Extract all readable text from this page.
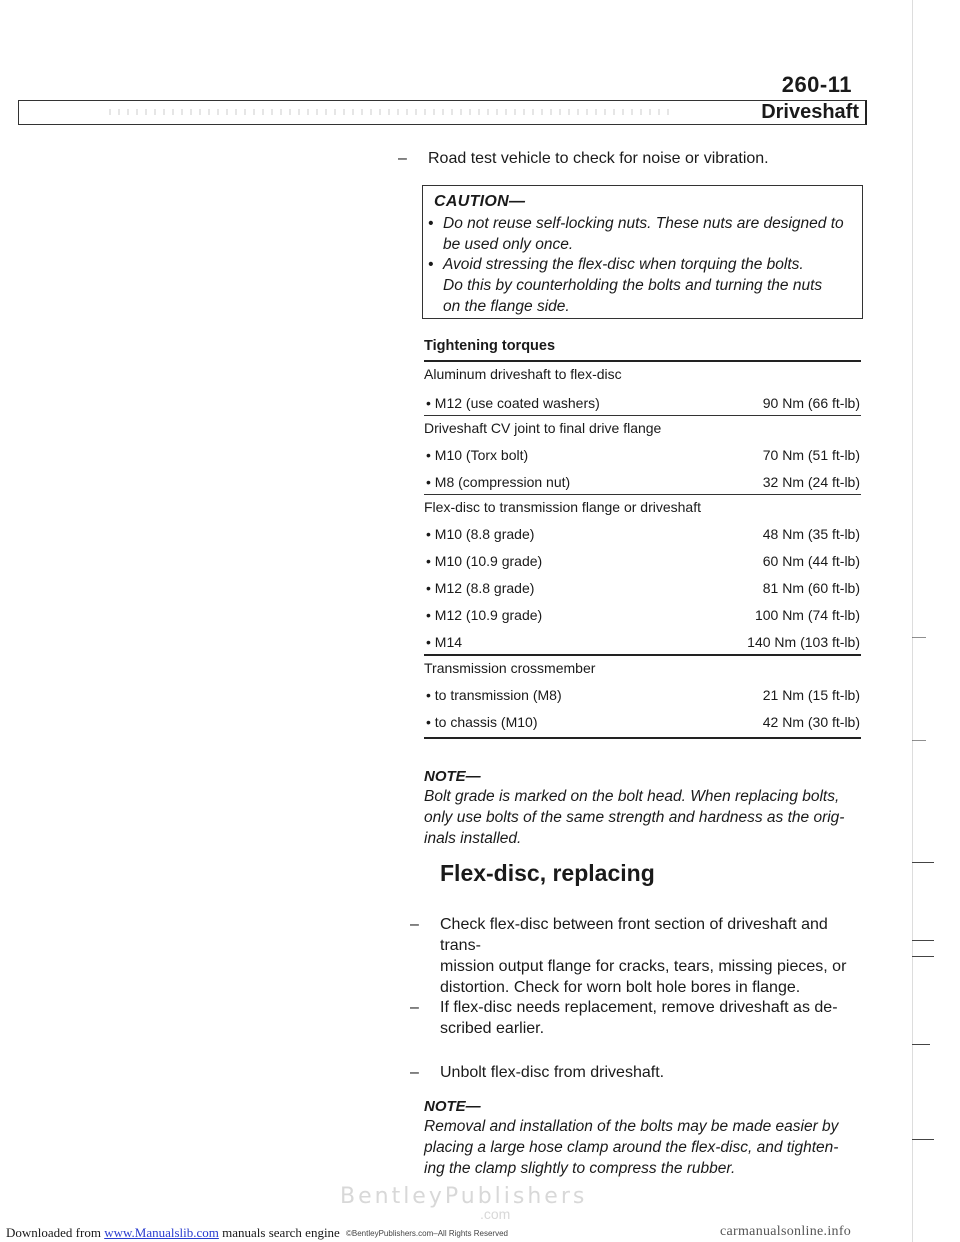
260-11
Driveshaft
– Road test vehicle to check for noise or vibration.
CAUTION—
• Do not reuse self-locking nuts. These nuts are designed to
be used only once.
• Avoid stressing the flex-disc when torquing the bolts.
Do this by counterholding the bolts and turning the nuts
on the flange side.
Tightening torques
Aluminum driveshaft to flex-disc
• M12 (use coated washers)	90 Nm (66 ft-lb)
Driveshaft CV joint to final drive flange
• M10 (Torx bolt)	70 Nm (51 ft-lb)
• M8 (compression nut)	32 Nm (24 ft-lb)
Flex-disc to transmission flange or driveshaft
• M10 (8.8 grade)	48 Nm (35 ft-lb)
• M10 (10.9 grade)	60 Nm (44 ft-lb)
• M12 (8.8 grade)	81 Nm (60 ft-lb)
• M12 (10.9 grade)	100 Nm (74 ft-lb)
• M14	140 Nm (103 ft-lb)
Transmission crossmember
• to transmission (M8)	21 Nm (15 ft-lb)
• to chassis (M10)	42 Nm (30 ft-lb)
NOTE—
Bolt grade is marked on the bolt head. When replacing bolts,
only use bolts of the same strength and hardness as the orig-
inals installed.
Flex-disc, replacing
– Check flex-disc between front section of driveshaft and trans-
mission output flange for cracks, tears, missing pieces, or
distortion. Check for worn bolt hole bores in flange.
– If flex-disc needs replacement, remove driveshaft as de-
scribed earlier.
– Unbolt flex-disc from driveshaft.
NOTE—
Removal and installation of the bolts may be made easier by
placing a large hose clamp around the flex-disc, and tighten-
ing the clamp slightly to compress the rubber.
BentleyPublishers
.com
©BentleyPublishers.com–All Rights Reserved
Downloaded from www.Manualslib.com manuals search engine	carmanualsonline.info
